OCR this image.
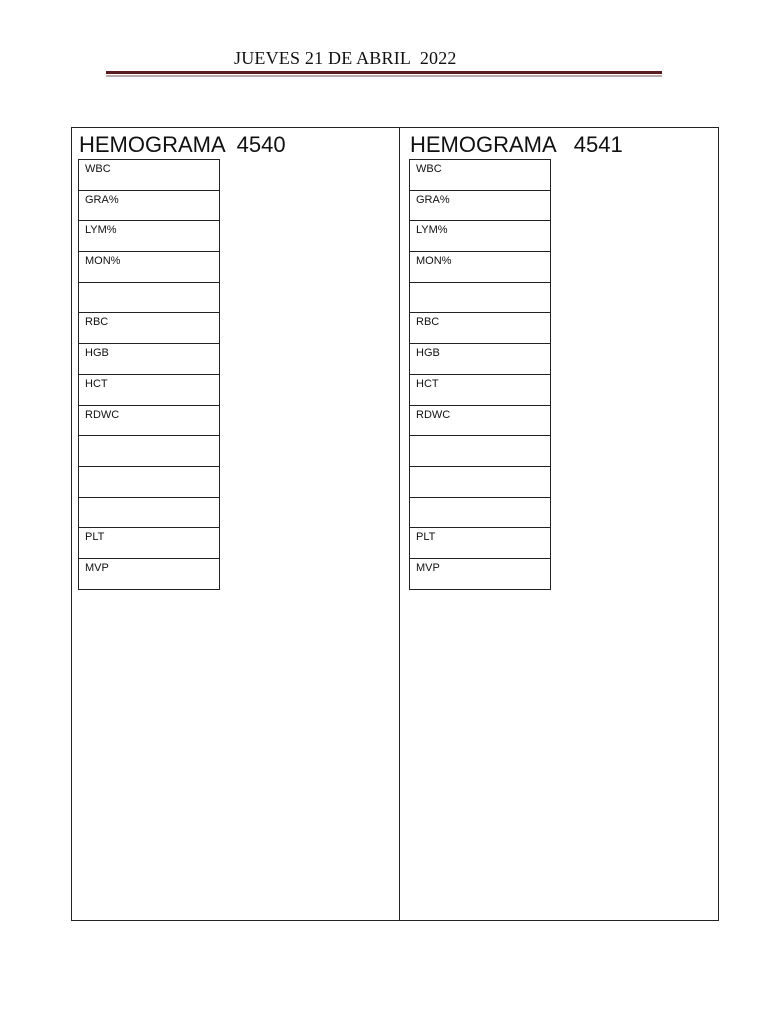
JUEVES 21 DE ABRIL  2022
HEMOGRAMA  4540
WBC
GRA%
LYM%
MON%

RBC
HGB
HCT
RDWC

PLT
MVP
HEMOGRAMA   4541
WBC
GRA%
LYM%
MON%

RBC
HGB
HCT
RDWC

PLT
MVP
